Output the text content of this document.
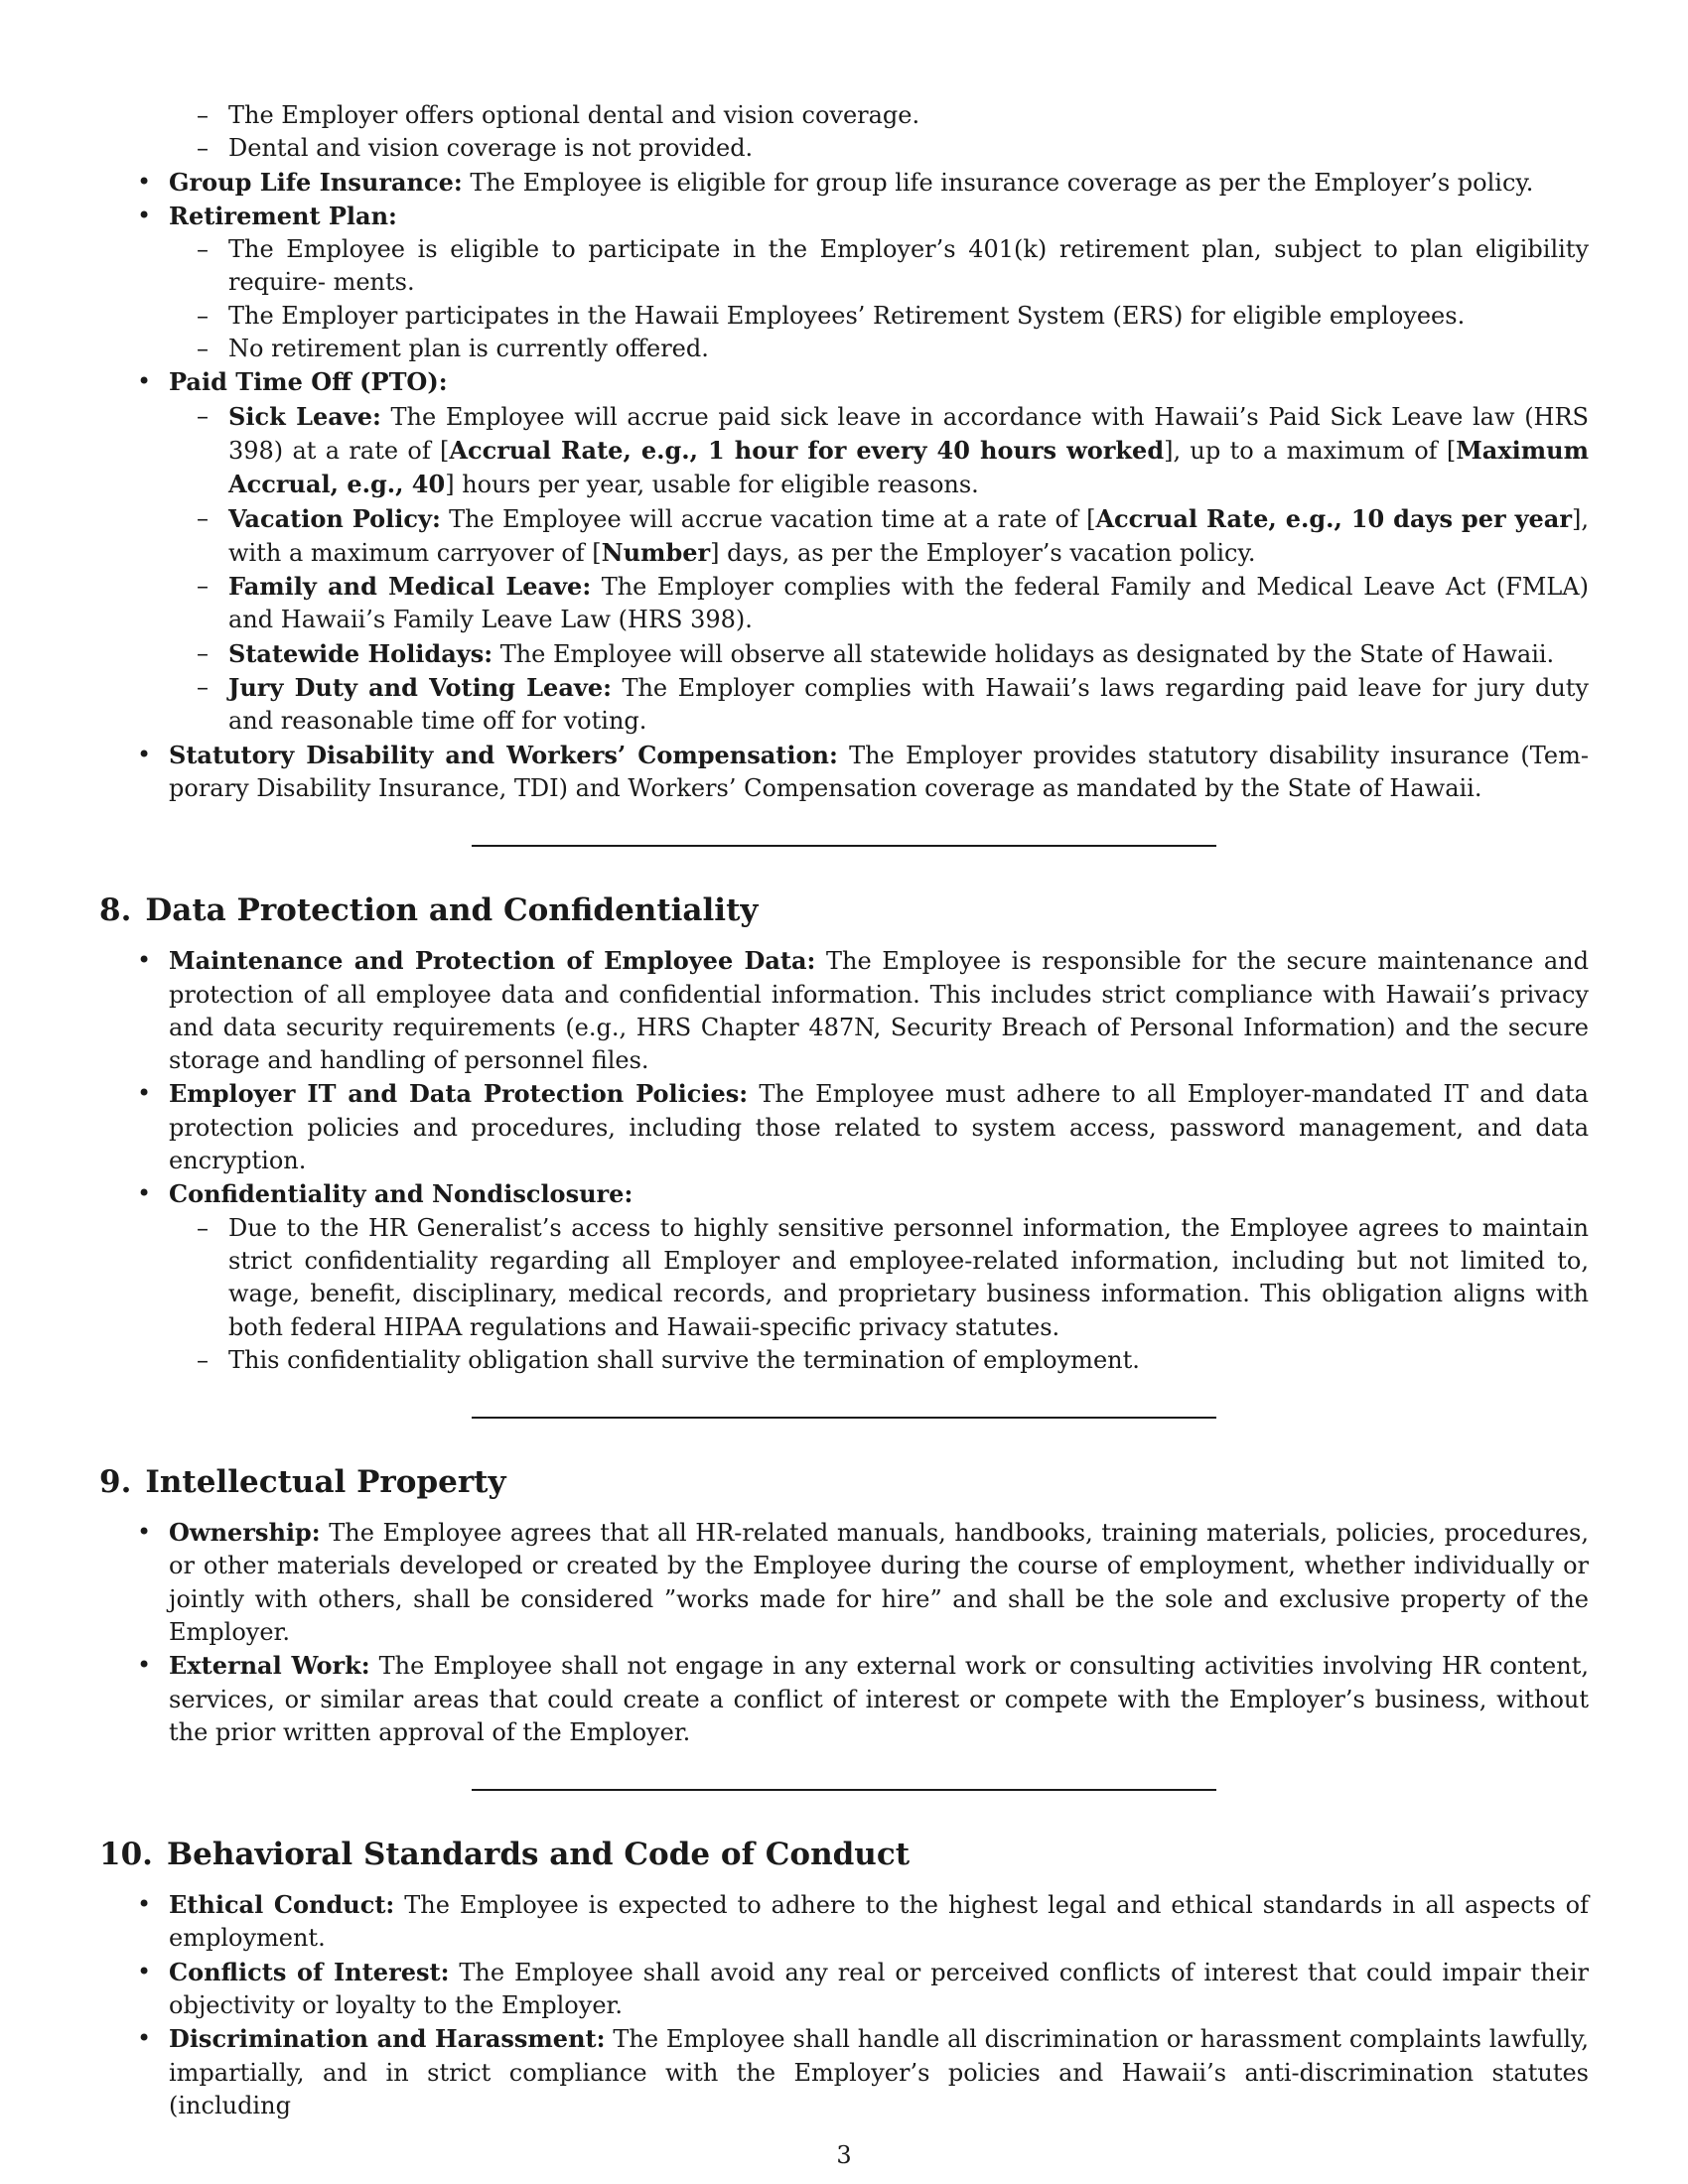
– The Employer offers optional dental and vision coverage.
– Dental and vision coverage is not provided.
• Group Life Insurance: The Employee is eligible for group life insurance coverage as per the Employer’s policy.
• Retirement Plan:
– The Employee is eligible to participate in the Employer’s 401(k) retirement plan, subject to plan eligibility require- ments.
– The Employer participates in the Hawaii Employees’ Retirement System (ERS) for eligible employees.
– No retirement plan is currently offered.
• Paid Time Off (PTO):
– Sick Leave: The Employee will accrue paid sick leave in accordance with Hawaii’s Paid Sick Leave law (HRS 398) at a rate of [Accrual Rate, e.g., 1 hour for every 40 hours worked], up to a maximum of [Maximum Accrual, e.g., 40] hours per year, usable for eligible reasons.
– Vacation Policy: The Employee will accrue vacation time at a rate of [Accrual Rate, e.g., 10 days per year], with a maximum carryover of [Number] days, as per the Employer’s vacation policy.
– Family and Medical Leave: The Employer complies with the federal Family and Medical Leave Act (FMLA) and Hawaii’s Family Leave Law (HRS 398).
– Statewide Holidays: The Employee will observe all statewide holidays as designated by the State of Hawaii.
– Jury Duty and Voting Leave: The Employer complies with Hawaii’s laws regarding paid leave for jury duty and reasonable time off for voting.
• Statutory Disability and Workers’ Compensation: The Employer provides statutory disability insurance (Tem- porary Disability Insurance, TDI) and Workers’ Compensation coverage as mandated by the State of Hawaii.
8. Data Protection and Confidentiality
• Maintenance and Protection of Employee Data: The Employee is responsible for the secure maintenance and protection of all employee data and confidential information. This includes strict compliance with Hawaii’s privacy and data security requirements (e.g., HRS Chapter 487N, Security Breach of Personal Information) and the secure storage and handling of personnel files.
• Employer IT and Data Protection Policies: The Employee must adhere to all Employer-mandated IT and data protection policies and procedures, including those related to system access, password management, and data encryption.
• Confidentiality and Nondisclosure:
– Due to the HR Generalist’s access to highly sensitive personnel information, the Employee agrees to maintain strict confidentiality regarding all Employer and employee-related information, including but not limited to, wage, benefit, disciplinary, medical records, and proprietary business information. This obligation aligns with both federal HIPAA regulations and Hawaii-specific privacy statutes.
– This confidentiality obligation shall survive the termination of employment.
9. Intellectual Property
• Ownership: The Employee agrees that all HR-related manuals, handbooks, training materials, policies, procedures, or other materials developed or created by the Employee during the course of employment, whether individually or jointly with others, shall be considered ”works made for hire” and shall be the sole and exclusive property of the Employer.
• External Work: The Employee shall not engage in any external work or consulting activities involving HR content, services, or similar areas that could create a conflict of interest or compete with the Employer’s business, without the prior written approval of the Employer.
10. Behavioral Standards and Code of Conduct
• Ethical Conduct: The Employee is expected to adhere to the highest legal and ethical standards in all aspects of employment.
• Conflicts of Interest: The Employee shall avoid any real or perceived conflicts of interest that could impair their objectivity or loyalty to the Employer.
• Discrimination and Harassment: The Employee shall handle all discrimination or harassment complaints lawfully, impartially, and in strict compliance with the Employer’s policies and Hawaii’s anti-discrimination statutes (including
3
